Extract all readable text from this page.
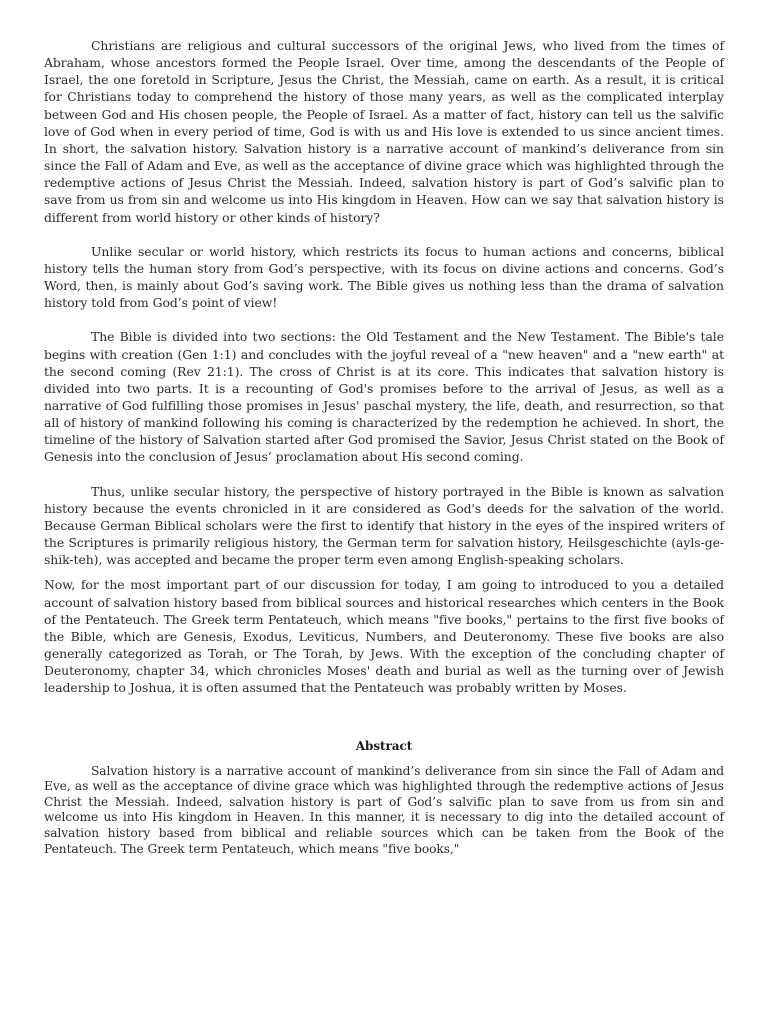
Christians are religious and cultural successors of the original Jews, who lived from the times of Abraham, whose ancestors formed the People Israel. Over time, among the descendants of the People of Israel, the one foretold in Scripture, Jesus the Christ, the Messiah, came on earth. As a result, it is critical for Christians today to comprehend the history of those many years, as well as the complicated interplay between God and His chosen people, the People of Israel. As a matter of fact, history can tell us the salvific love of God when in every period of time, God is with us and His love is extended to us since ancient times. In short, the salvation history. Salvation history is a narrative account of mankind’s deliverance from sin since the Fall of Adam and Eve, as well as the acceptance of divine grace which was highlighted through the redemptive actions of Jesus Christ the Messiah. Indeed, salvation history is part of God’s salvific plan to save from us from sin and welcome us into His kingdom in Heaven. How can we say that salvation history is different from world history or other kinds of history?

Unlike secular or world history, which restricts its focus to human actions and concerns, biblical history tells the human story from God’s perspective, with its focus on divine actions and concerns. God’s Word, then, is mainly about God’s saving work. The Bible gives us nothing less than the drama of salvation history told from God’s point of view!

The Bible is divided into two sections: the Old Testament and the New Testament. The Bible's tale begins with creation (Gen 1:1) and concludes with the joyful reveal of a "new heaven" and a "new earth" at the second coming (Rev 21:1). The cross of Christ is at its core. This indicates that salvation history is divided into two parts. It is a recounting of God's promises before to the arrival of Jesus, as well as a narrative of God fulfilling those promises in Jesus' paschal mystery, the life, death, and resurrection, so that all of history of mankind following his coming is characterized by the redemption he achieved. In short, the timeline of the history of Salvation started after God promised the Savior, Jesus Christ stated on the Book of Genesis into the conclusion of Jesus’ proclamation about His second coming.

Thus, unlike secular history, the perspective of history portrayed in the Bible is known as salvation history because the events chronicled in it are considered as God's deeds for the salvation of the world. Because German Biblical scholars were the first to identify that history in the eyes of the inspired writers of the Scriptures is primarily religious history, the German term for salvation history, Heilsgeschichte (ayls-ge-shik-teh), was accepted and became the proper term even among English-speaking scholars.

Now, for the most important part of our discussion for today, I am going to introduced to you a detailed account of salvation history based from biblical sources and historical researches which centers in the Book of the Pentateuch. The Greek term Pentateuch, which means "five books," pertains to the first five books of the Bible, which are Genesis, Exodus, Leviticus, Numbers, and Deuteronomy. These five books are also generally categorized as Torah, or The Torah, by Jews. With the exception of the concluding chapter of Deuteronomy, chapter 34, which chronicles Moses' death and burial as well as the turning over of Jewish leadership to Joshua, it is often assumed that the Pentateuch was probably written by Moses.

Abstract

Salvation history is a narrative account of mankind’s deliverance from sin since the Fall of Adam and Eve, as well as the acceptance of divine grace which was highlighted through the redemptive actions of Jesus Christ the Messiah. Indeed, salvation history is part of God’s salvific plan to save from us from sin and welcome us into His kingdom in Heaven. In this manner, it is necessary to dig into the detailed account of salvation history based from biblical and reliable sources which can be taken from the Book of the Pentateuch. The Greek term Pentateuch, which means "five books,"
